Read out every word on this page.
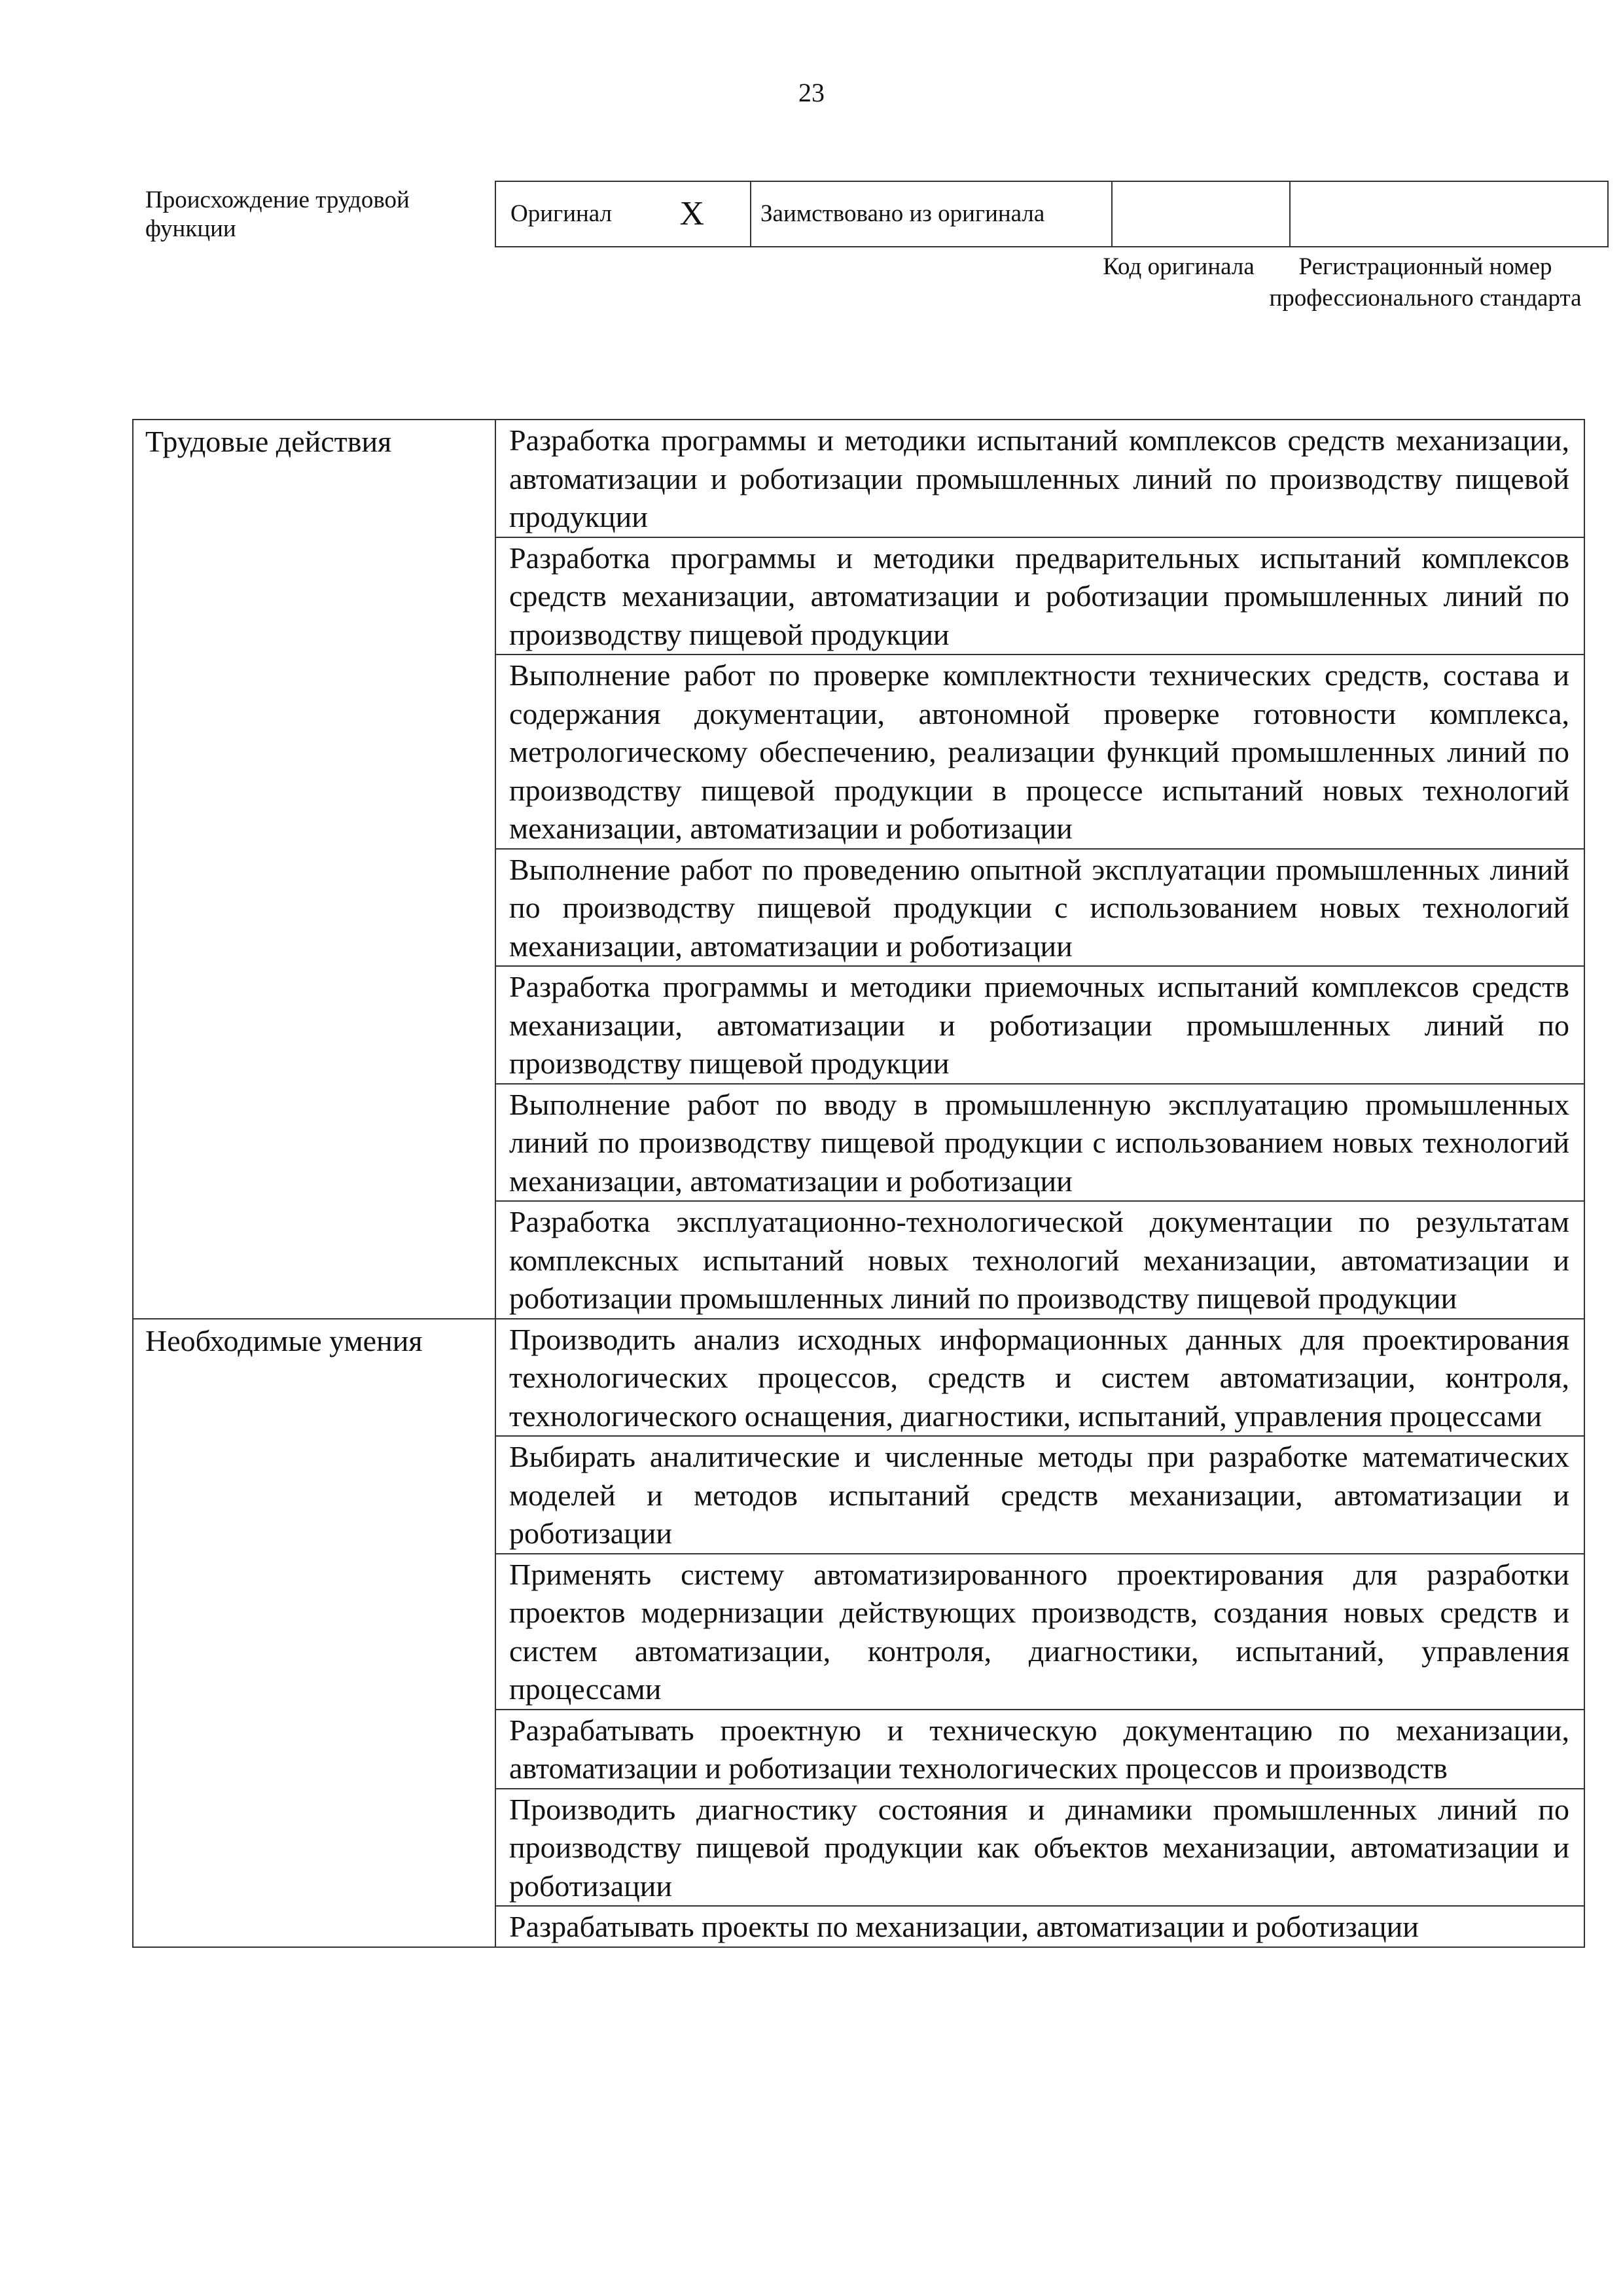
23
Происхождение трудовой функции
Оригинал X	Заимствовано из оригинала		
Код оригинала	Регистрационный номер профессионального стандарта
Трудовые действия	Разработка программы и методики испытаний комплексов средств механизации, автоматизации и роботизации промышленных линий по производству пищевой продукции
	Разработка программы и методики предварительных испытаний комплексов средств механизации, автоматизации и роботизации промышленных линий по производству пищевой продукции
	Выполнение работ по проверке комплектности технических средств, состава и содержания документации, автономной проверке готовности комплекса, метрологическому обеспечению, реализации функций промышленных линий по производству пищевой продукции в процессе испытаний новых технологий механизации, автоматизации и роботизации
	Выполнение работ по проведению опытной эксплуатации промышленных линий по производству пищевой продукции с использованием новых технологий механизации, автоматизации и роботизации
	Разработка программы и методики приемочных испытаний комплексов средств механизации, автоматизации и роботизации промышленных линий по производству пищевой продукции
	Выполнение работ по вводу в промышленную эксплуатацию промышленных линий по производству пищевой продукции с использованием новых технологий механизации, автоматизации и роботизации
	Разработка эксплуатационно-технологической документации по результатам комплексных испытаний новых технологий механизации, автоматизации и роботизации промышленных линий по производству пищевой продукции
Необходимые умения	Производить анализ исходных информационных данных для проектирования технологических процессов, средств и систем автоматизации, контроля, технологического оснащения, диагностики, испытаний, управления процессами
	Выбирать аналитические и численные методы при разработке математических моделей и методов испытаний средств механизации, автоматизации и роботизации
	Применять систему автоматизированного проектирования для разработки проектов модернизации действующих производств, создания новых средств и систем автоматизации, контроля, диагностики, испытаний, управления процессами
	Разрабатывать проектную и техническую документацию по механизации, автоматизации и роботизации технологических процессов и производств
	Производить диагностику состояния и динамики промышленных линий по производству пищевой продукции как объектов механизации, автоматизации и роботизации
	Разрабатывать проекты по механизации, автоматизации и роботизации
